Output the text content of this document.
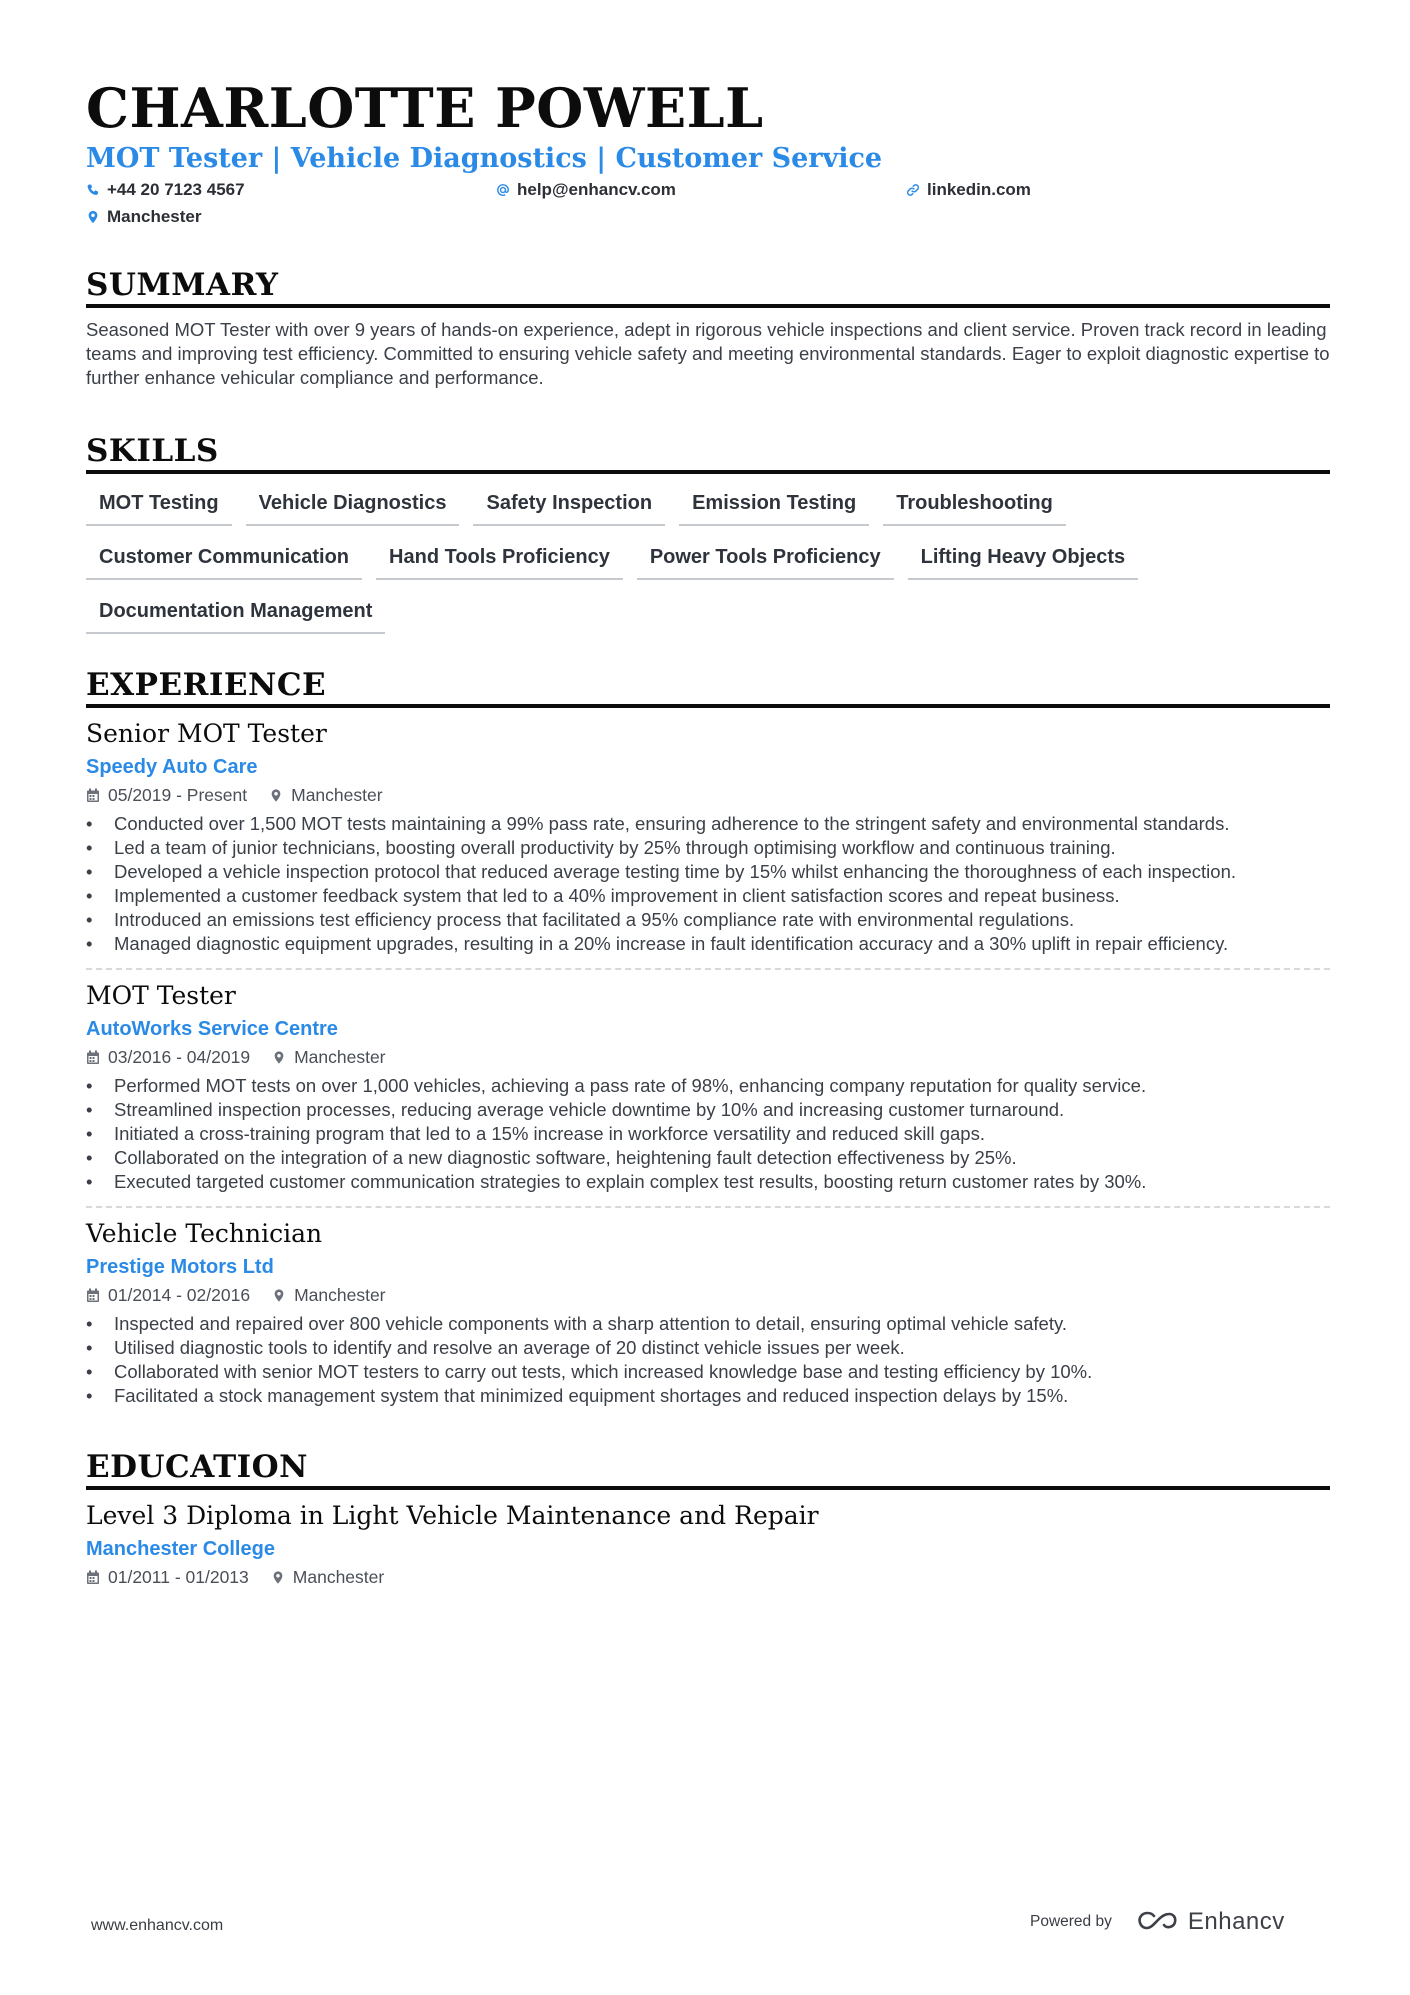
CHARLOTTE POWELL
MOT Tester | Vehicle Diagnostics | Customer Service
+44 20 7123 4567	help@enhancv.com	linkedin.com
Manchester
SUMMARY
Seasoned MOT Tester with over 9 years of hands-on experience, adept in rigorous vehicle inspections and client service. Proven track record in leading teams and improving test efficiency. Committed to ensuring vehicle safety and meeting environmental standards. Eager to exploit diagnostic expertise to further enhance vehicular compliance and performance.
SKILLS
MOT Testing	Vehicle Diagnostics	Safety Inspection	Emission Testing	Troubleshooting
Customer Communication	Hand Tools Proficiency	Power Tools Proficiency	Lifting Heavy Objects
Documentation Management
EXPERIENCE
Senior MOT Tester
Speedy Auto Care
05/2019 - Present	Manchester
• Conducted over 1,500 MOT tests maintaining a 99% pass rate, ensuring adherence to the stringent safety and environmental standards.
• Led a team of junior technicians, boosting overall productivity by 25% through optimising workflow and continuous training.
• Developed a vehicle inspection protocol that reduced average testing time by 15% whilst enhancing the thoroughness of each inspection.
• Implemented a customer feedback system that led to a 40% improvement in client satisfaction scores and repeat business.
• Introduced an emissions test efficiency process that facilitated a 95% compliance rate with environmental regulations.
• Managed diagnostic equipment upgrades, resulting in a 20% increase in fault identification accuracy and a 30% uplift in repair efficiency.
MOT Tester
AutoWorks Service Centre
03/2016 - 04/2019	Manchester
• Performed MOT tests on over 1,000 vehicles, achieving a pass rate of 98%, enhancing company reputation for quality service.
• Streamlined inspection processes, reducing average vehicle downtime by 10% and increasing customer turnaround.
• Initiated a cross-training program that led to a 15% increase in workforce versatility and reduced skill gaps.
• Collaborated on the integration of a new diagnostic software, heightening fault detection effectiveness by 25%.
• Executed targeted customer communication strategies to explain complex test results, boosting return customer rates by 30%.
Vehicle Technician
Prestige Motors Ltd
01/2014 - 02/2016	Manchester
• Inspected and repaired over 800 vehicle components with a sharp attention to detail, ensuring optimal vehicle safety.
• Utilised diagnostic tools to identify and resolve an average of 20 distinct vehicle issues per week.
• Collaborated with senior MOT testers to carry out tests, which increased knowledge base and testing efficiency by 10%.
• Facilitated a stock management system that minimized equipment shortages and reduced inspection delays by 15%.
EDUCATION
Level 3 Diploma in Light Vehicle Maintenance and Repair
Manchester College
01/2011 - 01/2013	Manchester
www.enhancv.com	Powered by	Enhancv
